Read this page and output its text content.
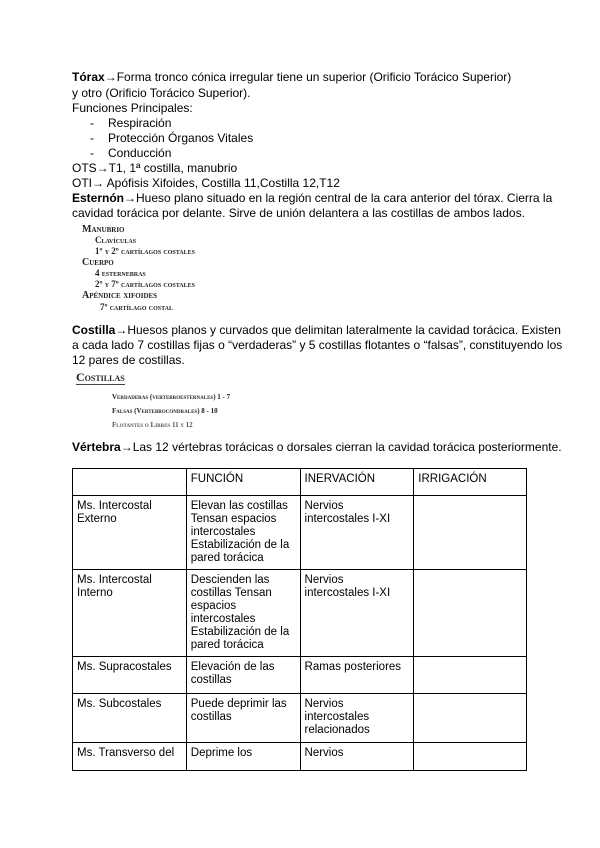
Tórax→Forma tronco cónica irregular tiene un superior (Orificio Torácico Superior)
y otro (Orificio Torácico Superior).
Funciones Principales:
- Respiración
- Protección Órganos Vitales
- Conducción
OTS→T1, 1ª costilla, manubrio
OTI→ Apófisis Xifoides, Costilla 11,Costilla 12,T12
Esternón→Hueso plano situado en la región central de la cara anterior del tórax. Cierra la
cavidad torácica por delante. Sirve de unión delantera a las costillas de ambos lados.
Manubrio
Clavículas
1º y 2º cartílagos costales
Cuerpo
4 esternebras
2º y 7º cartílagos costales
Apéndice xifoides
7º cartílago costal
Costilla→Huesos planos y curvados que delimitan lateralmente la cavidad torácica. Existen
a cada lado 7 costillas fijas o “verdaderas” y 5 costillas flotantes o “falsas”, constituyendo los
12 pares de costillas.
Costillas
Verdaderas (vertebroesternales) 1 - 7
Falsas (Vertebrocondrales) 8 - 10
Flotantes o Libres 11 y 12
Vértebra→Las 12 vértebras torácicas o dorsales cierran la cavidad torácica posteriormente.
	FUNCIÓN	INERVACIÓN	IRRIGACIÓN
Ms. Intercostal Externo	Elevan las costillas Tensan espacios intercostales Estabilización de la pared torácica	Nervios intercostales I-XI	
Ms. Intercostal Interno	Descienden las costillas Tensan espacios intercostales Estabilización de la pared torácica	Nervios intercostales I-XI	
Ms. Supracostales	Elevación de las costillas	Ramas posteriores	
Ms. Subcostales	Puede deprimir las costillas	Nervios intercostales relacionados	
Ms. Transverso del	Deprime los	Nervios	
